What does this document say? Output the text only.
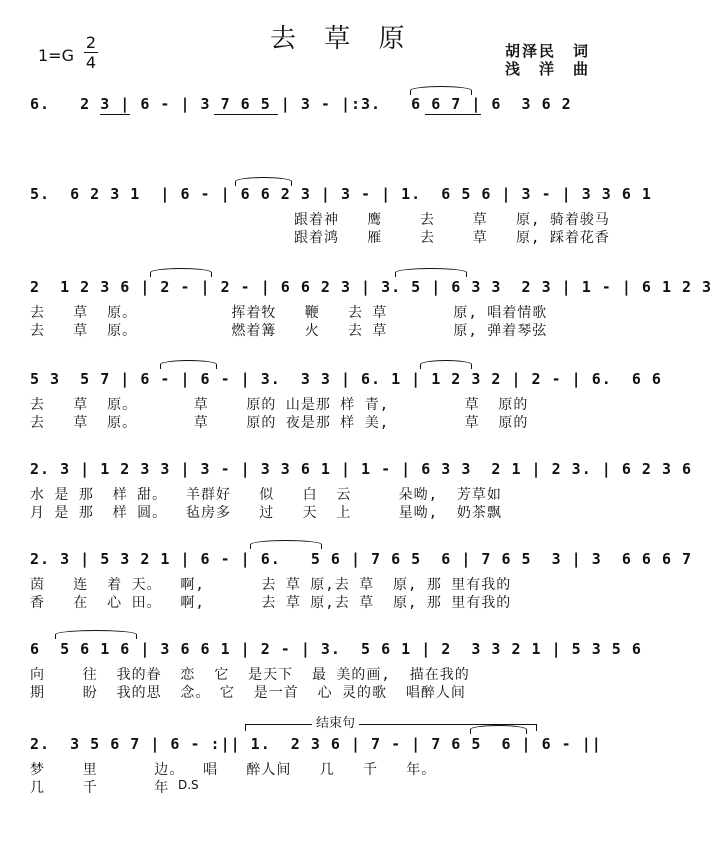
去 草 原
1=G
2
4
胡泽民　词
浅　洋　曲
6.   2 3 | 6 - | 3 7 6 5 | 3 - |:3.   6 6 7 | 6  3 6 2
5.  6 2 3 1  | 6 - | 6 6 2 3 | 3 - | 1.  6 5 6 | 3 - | 3 3 6 1
跟着神   鹰    去    草   原, 骑着骏马
跟着鸿   雁    去    草   原, 踩着花香
2  1 2 3 6 | 2 - | 2 - | 6 6 2 3 | 3. 5 | 6 3 3  2 3 | 1 - | 6 1 2 3
去   草  原。          挥着牧   鞭   去 草       原, 唱着情歌
去   草  原。          燃着篝   火   去 草       原, 弹着琴弦
5 3  5 7 | 6 - | 6 - | 3.  3 3 | 6. 1 | 1 2 3 2 | 2 - | 6.  6 6
去   草  原。      草    原的 山是那 样 青,        草  原的
去   草  原。      草    原的 夜是那 样 美,        草  原的
2. 3 | 1 2 3 3 | 3 - | 3 3 6 1 | 1 - | 6 3 3  2 1 | 2 3. | 6 2 3 6
水 是 那  样 甜。  羊群好   似   白  云     朵呦,  芳草如
月 是 那  样 圆。  毡房多   过   天  上     星呦,  奶茶飘
2. 3 | 5 3 2 1 | 6 - | 6.   5 6 | 7 6 5  6 | 7 6 5  3 | 3  6 6 6 7
茵   连  着 天。  啊,      去 草 原,去 草  原, 那 里有我的
香   在  心 田。  啊,      去 草 原,去 草  原, 那 里有我的
6  5 6 1 6 | 3 6 6 1 | 2 - | 3.  5 6 1 | 2  3 3 2 1 | 5 3 5 6
向    往  我的眷  恋  它  是天下  最 美的画,  描在我的
期    盼  我的思  念。 它  是一首  心 灵的歌  唱醉人间
结束句
2.  3 5 6 7 | 6 - :|| 1.  2 3 6 | 7 - | 7 6 5  6 | 6 - ||
梦    里      边。  唱   醉人间   几   千   年。
几    千      年 D.S
